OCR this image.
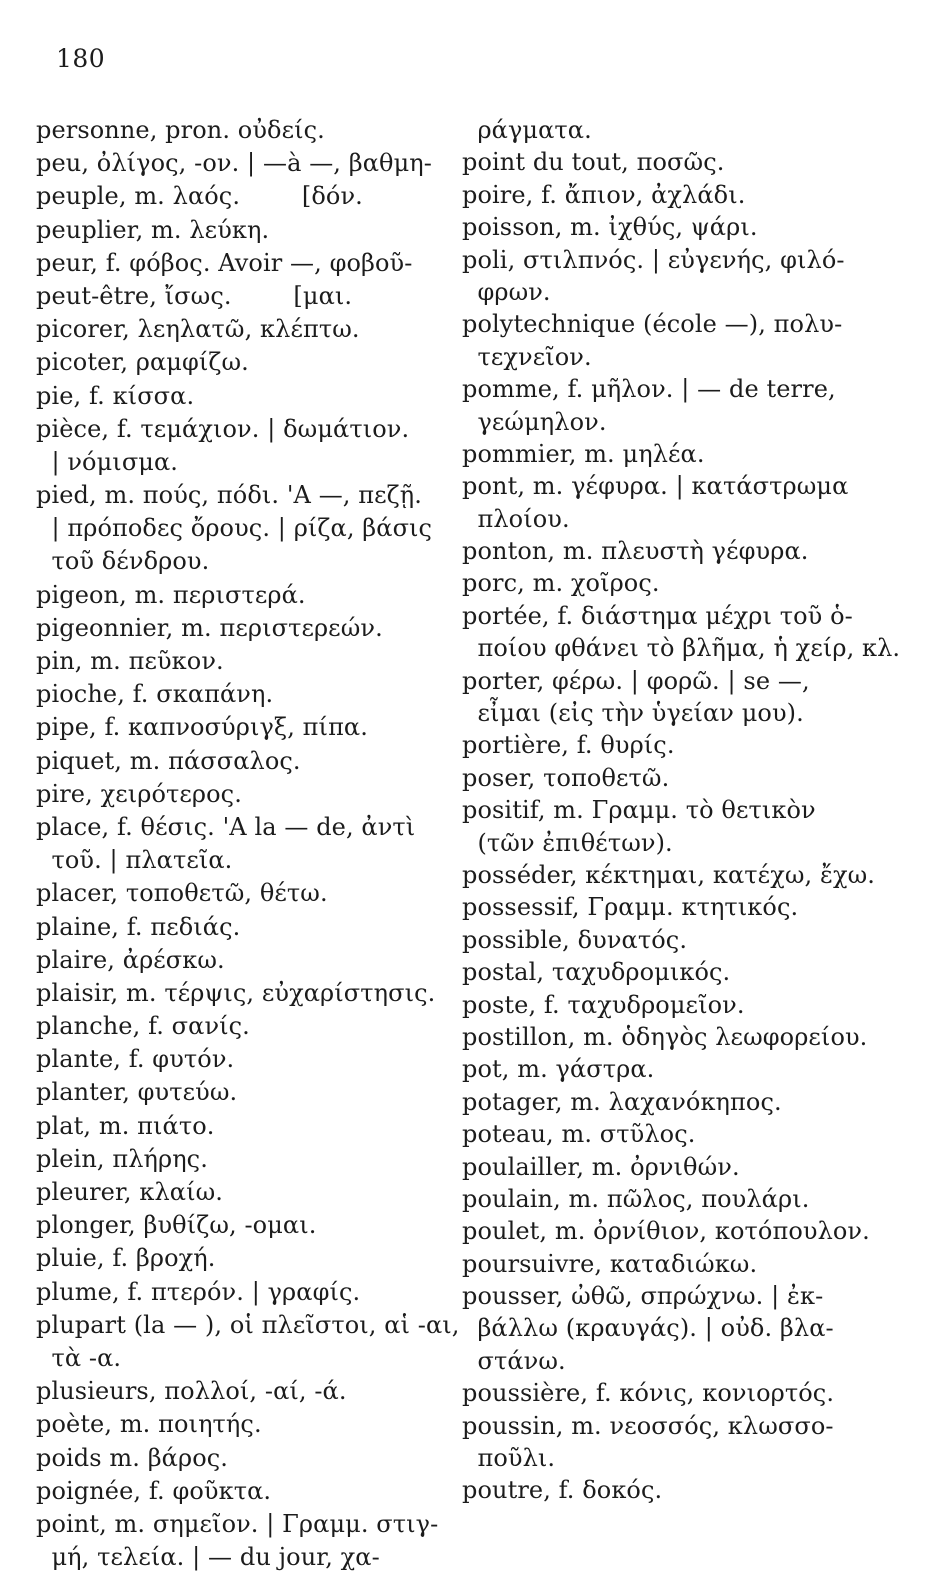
180
personne, pron. οὐδείς.
peu, ὀλίγος, -ον. | —à —, βαθμη-
peuple, m. λαός.        [δόν.
peuplier, m. λεύκη.
peur, f. φόβος. Avoir —, φοβοῦ-
peut-être, ἴσως.        [μαι.
picorer, λεηλατῶ, κλέπτω.
picoter, ραμφίζω.
pie, f. κίσσα.
pièce, f. τεμάχιον. | δωμάτιον.
| νόμισμα.
pied, m. πούς, πόδι. 'A —, πεζῇ.
| πρόποδες ὄρους. | ρίζα, βάσις
τοῦ δένδρου.
pigeon, m. περιστερά.
pigeonnier, m. περιστερεών.
pin, m. πεῦκον.
pioche, f. σκαπάνη.
pipe, f. καπνοσύριγξ, πίπα.
piquet, m. πάσσαλος.
pire, χειρότερος.
place, f. θέσις. 'A la — de, ἀντὶ
τοῦ. | πλατεῖα.
placer, τοποθετῶ, θέτω.
plaine, f. πεδιάς.
plaire, ἀρέσκω.
plaisir, m. τέρψις, εὐχαρίστησις.
planche, f. σανίς.
plante, f. φυτόν.
planter, φυτεύω.
plat, m. πιάτο.
plein, πλήρης.
pleurer, κλαίω.
plonger, βυθίζω, -ομαι.
pluie, f. βροχή.
plume, f. πτερόν. | γραφίς.
plupart (la — ), οἱ πλεῖστοι, αἱ -αι,
τὰ -α.
plusieurs, πολλοί, -αί, -ά.
poète, m. ποιητής.
poids m. βάρος.
poignée, f. φοῦκτα.
point, m. σημεῖον. | Γραμμ. στιγ-
μή, τελεία. | — du jour, χα-
ράγματα.
point du tout, ποσῶς.
poire, f. ἄπιον, ἀχλάδι.
poisson, m. ἰχθύς, ψάρι.
poli, στιλπνός. | εὐγενής, φιλό-
φρων.
polytechnique (école —), πολυ-
τεχνεῖον.
pomme, f. μῆλον. | — de terre,
γεώμηλον.
pommier, m. μηλέα.
pont, m. γέφυρα. | κατάστρωμα
πλοίου.
ponton, m. πλευστὴ γέφυρα.
porc, m. χοῖρος.
portée, f. διάστημα μέχρι τοῦ ὁ-
ποίου φθάνει τὸ βλῆμα, ἡ χείρ, κλ.
porter, φέρω. | φορῶ. | se —,
εἶμαι (εἰς τὴν ὑγείαν μου).
portière, f. θυρίς.
poser, τοποθετῶ.
positif, m. Γραμμ. τὸ θετικὸν
(τῶν ἐπιθέτων).
posséder, κέκτημαι, κατέχω, ἔχω.
possessif, Γραμμ. κτητικός.
possible, δυνατός.
postal, ταχυδρομικός.
poste, f. ταχυδρομεῖον.
postillon, m. ὁδηγὸς λεωφορείου.
pot, m. γάστρα.
potager, m. λαχανόκηπος.
poteau, m. στῦλος.
poulailler, m. ὀρνιθών.
poulain, m. πῶλος, πουλάρι.
poulet, m. ὀρνίθιον, κοτόπουλον.
poursuivre, καταδιώκω.
pousser, ὠθῶ, σπρώχνω. | ἐκ-
βάλλω (κραυγάς). | οὐδ. βλα-
στάνω.
poussière, f. κόνις, κονιορτός.
poussin, m. νεοσσός, κλωσσο-
ποῦλι.
poutre, f. δοκός.
